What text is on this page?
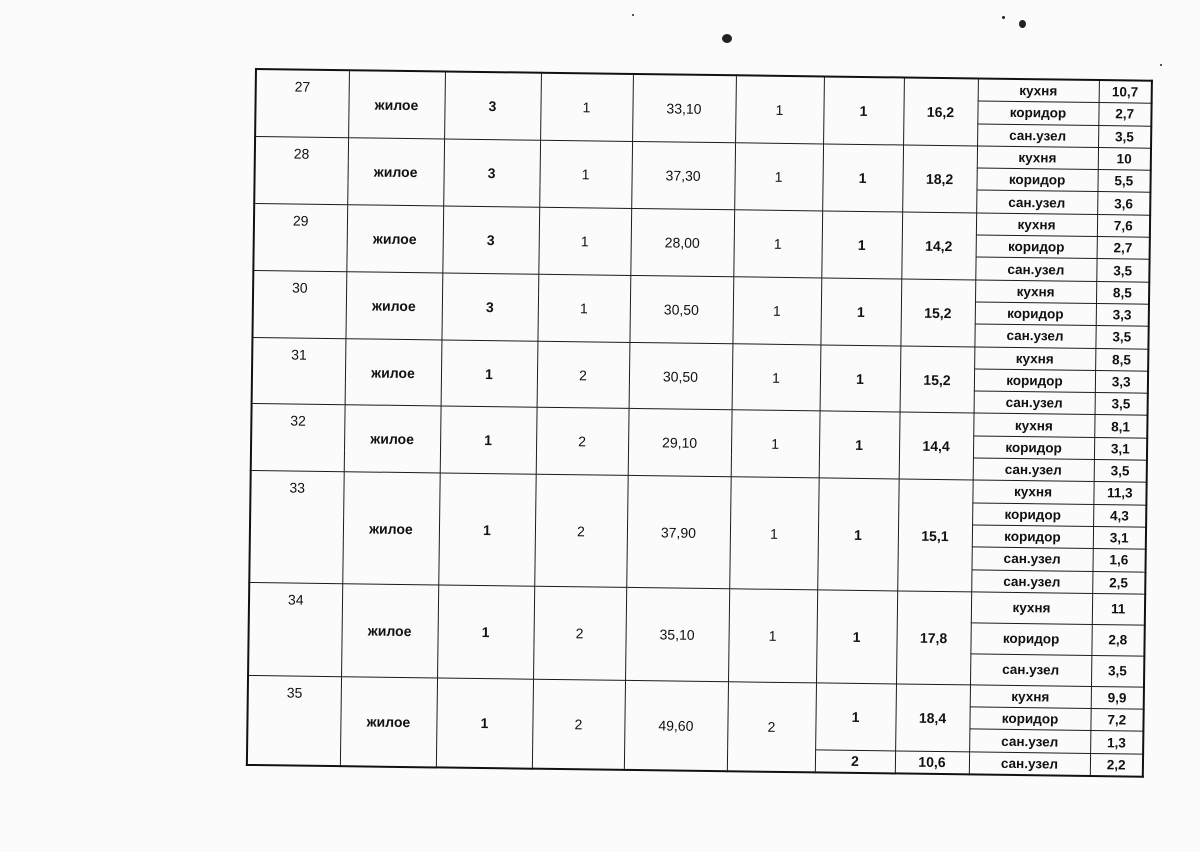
27	жилое	3	1	33,10	1	1	16,2	кухня	10,7
								коридор	2,7
								сан.узел	3,5
28	жилое	3	1	37,30	1	1	18,2	кухня	10
								коридор	5,5
								сан.узел	3,6
29	жилое	3	1	28,00	1	1	14,2	кухня	7,6
								коридор	2,7
								сан.узел	3,5
30	жилое	3	1	30,50	1	1	15,2	кухня	8,5
								коридор	3,3
								сан.узел	3,5
31	жилое	1	2	30,50	1	1	15,2	кухня	8,5
								коридор	3,3
								сан.узел	3,5
32	жилое	1	2	29,10	1	1	14,4	кухня	8,1
								коридор	3,1
								сан.узел	3,5
33	жилое	1	2	37,90	1	1	15,1	кухня	11,3
								коридор	4,3
								коридор	3,1
								сан.узел	1,6
								сан.узел	2,5
34	жилое	1	2	35,10	1	1	17,8	кухня	11
								коридор	2,8
								сан.узел	3,5
35	жилое	1	2	49,60	2	1	18,4	кухня	9,9
								коридор	7,2
								сан.узел	1,3
						2	10,6	сан.узел	2,2
